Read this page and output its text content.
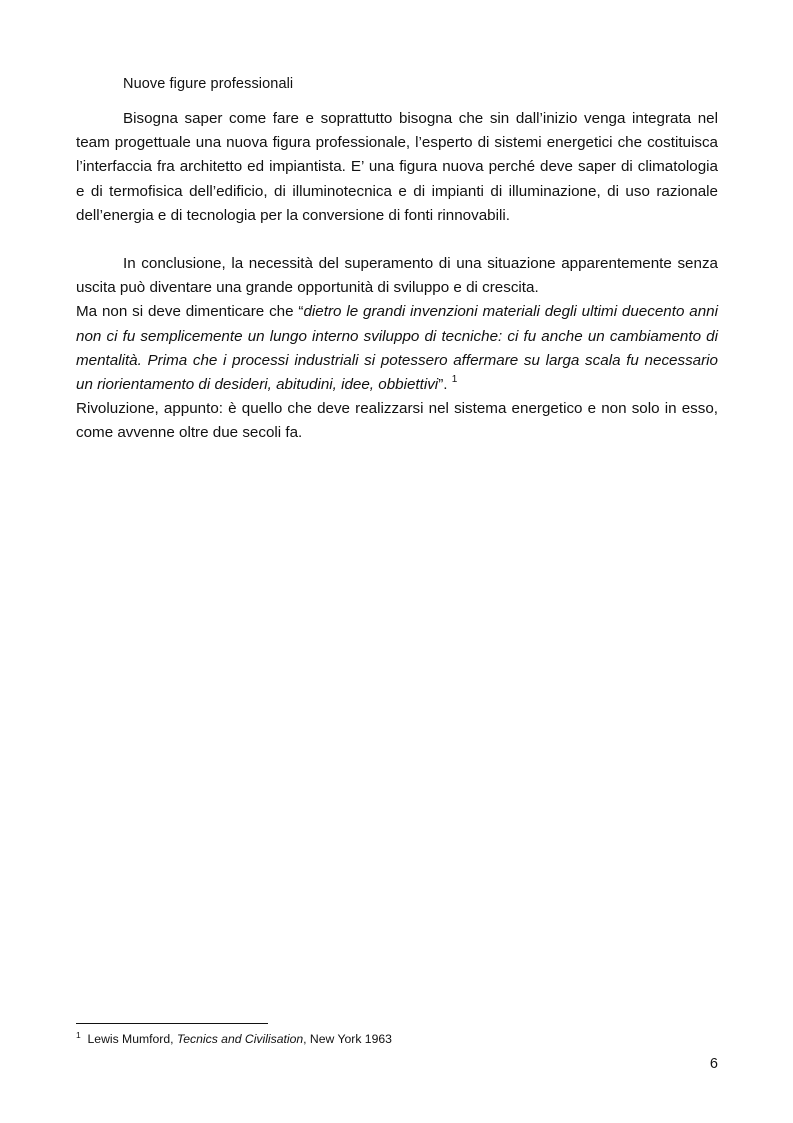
Nuove figure professionali

Bisogna saper come fare e soprattutto bisogna che sin dall’inizio venga integrata nel team progettuale una nuova figura professionale, l’esperto di sistemi energetici che costituisca l’interfaccia fra architetto ed impiantista. E’ una figura nuova perché deve saper di climatologia e di termofisica dell’edificio, di illuminotecnica e di impianti di illuminazione, di uso razionale dell’energia e di tecnologia per la conversione di fonti rinnovabili.

In conclusione, la necessità del superamento di una situazione apparentemente senza uscita può diventare una grande opportunità di sviluppo e di crescita.
Ma non si deve dimenticare che “dietro le grandi invenzioni materiali degli ultimi duecento anni non ci fu semplicemente un lungo interno sviluppo di tecniche: ci fu anche un cambiamento di mentalità. Prima che i processi industriali si potessero affermare su larga scala fu necessario un riorientamento di desideri, abitudini, idee, obbiettivi”. $^1$
Rivoluzione, appunto: è quello che deve realizzarsi nel sistema energetico e non solo in esso, come avvenne oltre due secoli fa.

$^1$ Lewis Mumford, Tecnics and Civilisation, New York 1963

6
